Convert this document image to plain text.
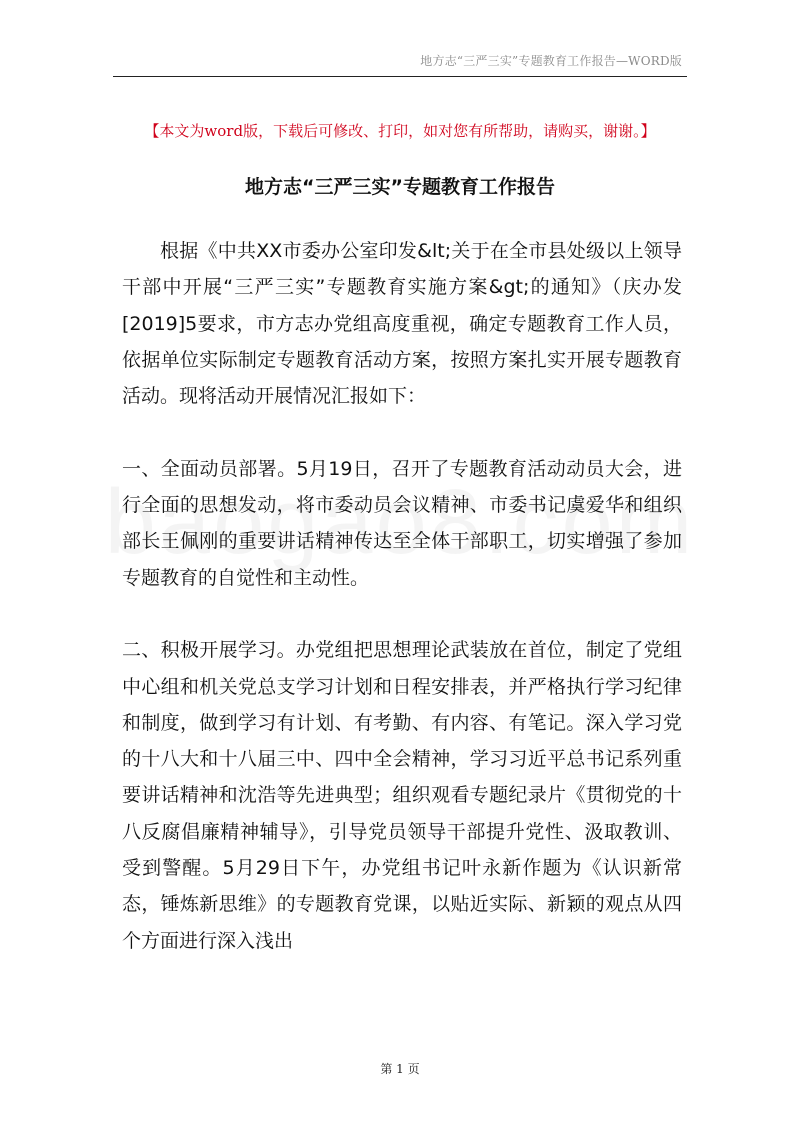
地方志“三严三实”专题教育工作报告—WORD版
【本文为word版，下载后可修改、打印，如对您有所帮助，请购买，谢谢。】
地方志“三严三实”专题教育工作报告

根据《中共XX市委办公室印发&lt;关于在全市县处级以上领导干部中开展“三严三实”专题教育实施方案&gt;的通知》（庆办发[2019]5要求，市方志办党组高度重视，确定专题教育工作人员，依据单位实际制定专题教育活动方案，按照方案扎实开展专题教育活动。现将活动开展情况汇报如下：

一、全面动员部署。5月19日，召开了专题教育活动动员大会，进行全面的思想发动，将市委动员会议精神、市委书记虞爱华和组织部长王佩刚的重要讲话精神传达至全体干部职工，切实增强了参加专题教育的自觉性和主动性。

二、积极开展学习。办党组把思想理论武装放在首位，制定了党组中心组和机关党总支学习计划和日程安排表，并严格执行学习纪律和制度，做到学习有计划、有考勤、有内容、有笔记。深入学习党的十八大和十八届三中、四中全会精神，学习习近平总书记系列重要讲话精神和沈浩等先进典型；组织观看专题纪录片《贯彻党的十八反腐倡廉精神辅导》，引导党员领导干部提升党性、汲取教训、受到警醒。5月29日下午，办党组书记叶永新作题为《认识新常态，锤炼新思维》的专题教育党课，以贴近实际、新颖的观点从四个方面进行深入浅出

第 1 页
